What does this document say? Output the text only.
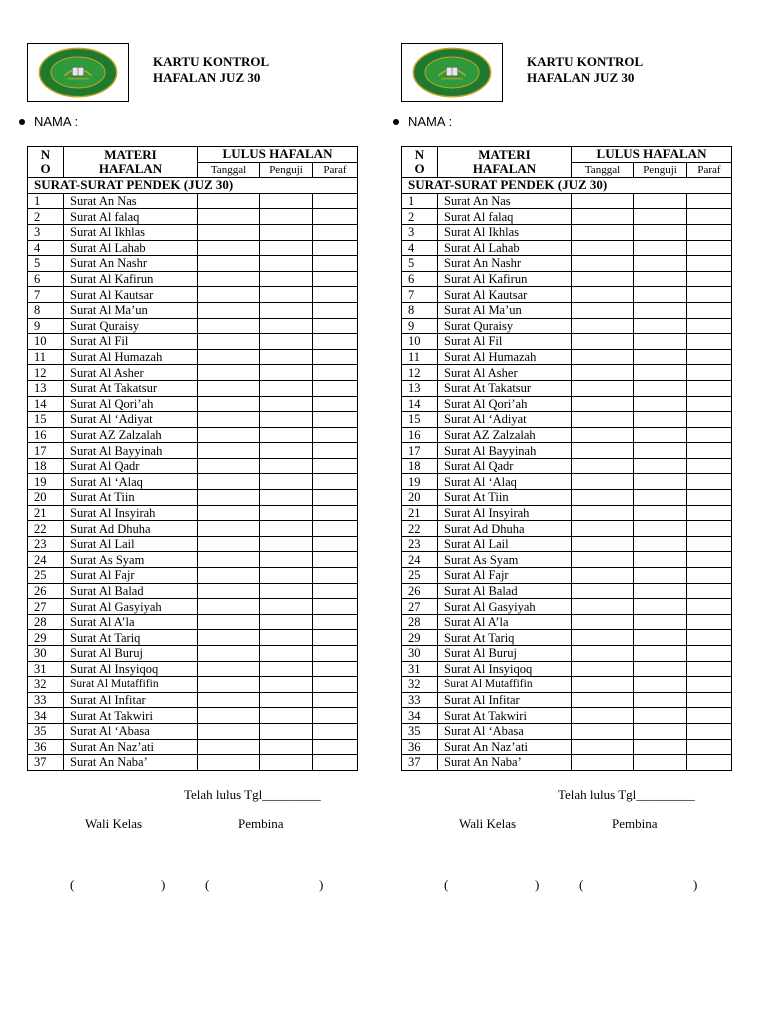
KARTU KONTROL
HAFALAN JUZ 30
NAMA :
N O	MATERI HAFALAN	LULUS HAFALAN		
		Tanggal	Penguji	Paraf
SURAT-SURAT PENDEK (JUZ 30)				
1	Surat An Nas			
2	Surat Al falaq			
3	Surat Al Ikhlas			
4	Surat Al Lahab			
5	Surat An Nashr			
6	Surat Al Kafirun			
7	Surat Al Kautsar			
8	Surat Al Ma’un			
9	Surat Quraisy			
10	Surat Al Fil			
11	Surat Al Humazah			
12	Surat Al Asher			
13	Surat At Takatsur			
14	Surat Al Qori’ah			
15	Surat Al ‘Adiyat			
16	Surat AZ Zalzalah			
17	Surat Al Bayyinah			
18	Surat Al Qadr			
19	Surat Al ‘Alaq			
20	Surat At Tiin			
21	Surat Al Insyirah			
22	Surat Ad Dhuha			
23	Surat Al Lail			
24	Surat As Syam			
25	Surat Al Fajr			
26	Surat Al Balad			
27	Surat Al Gasyiyah			
28	Surat Al A’la			
29	Surat At Tariq			
30	Surat Al Buruj			
31	Surat Al Insyiqoq			
32	Surat Al Mutaffifin			
33	Surat Al Infitar			
34	Surat At Takwiri			
35	Surat Al ‘Abasa			
36	Surat An Naz’ati			
37	Surat An Naba’			
Telah lulus Tgl_________
Wali Kelas	Pembina
(	)	(	)
KARTU KONTROL
HAFALAN JUZ 30
NAMA :
N O	MATERI HAFALAN	LULUS HAFALAN		
		Tanggal	Penguji	Paraf
SURAT-SURAT PENDEK (JUZ 30)				
1	Surat An Nas			
2	Surat Al falaq			
3	Surat Al Ikhlas			
4	Surat Al Lahab			
5	Surat An Nashr			
6	Surat Al Kafirun			
7	Surat Al Kautsar			
8	Surat Al Ma’un			
9	Surat Quraisy			
10	Surat Al Fil			
11	Surat Al Humazah			
12	Surat Al Asher			
13	Surat At Takatsur			
14	Surat Al Qori’ah			
15	Surat Al ‘Adiyat			
16	Surat AZ Zalzalah			
17	Surat Al Bayyinah			
18	Surat Al Qadr			
19	Surat Al ‘Alaq			
20	Surat At Tiin			
21	Surat Al Insyirah			
22	Surat Ad Dhuha			
23	Surat Al Lail			
24	Surat As Syam			
25	Surat Al Fajr			
26	Surat Al Balad			
27	Surat Al Gasyiyah			
28	Surat Al A’la			
29	Surat At Tariq			
30	Surat Al Buruj			
31	Surat Al Insyiqoq			
32	Surat Al Mutaffifin			
33	Surat Al Infitar			
34	Surat At Takwiri			
35	Surat Al ‘Abasa			
36	Surat An Naz’ati			
37	Surat An Naba’			
Telah lulus Tgl_________
Wali Kelas	Pembina
(	)	(	)
